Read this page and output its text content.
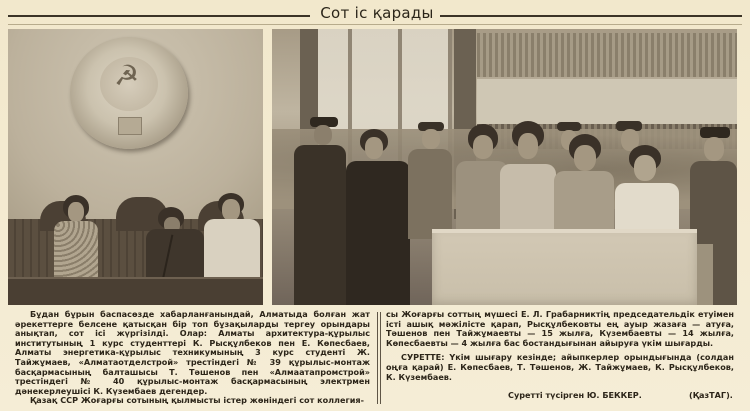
Сот іс қарады
☭

Бұдан бұрын баспасөзде хабарланғанындай, Алматыда болған жат әрекеттерге белсене қатысқан бір топ бұзақыларды тергеу орындары анықтап, сот ісі жүргізілді. Олар: Алматы архитектура-құрылыс институтының 1 курс студенттері К. Рысқұлбеков пен Е. Көпесбаев, Алматы энергетика-құрылыс техникумының 3 курс студенті Ж. Тайжұмаев, «Алматаотделстрой» трестіндегі № 39 құрылыс-монтаж басқармасының балташысы Т. Тәшенов пен «Алмаатапромстрой» трестіндегі № 40 құрылыс-монтаж басқармасының электрмен дәнекерлеушісі К. Күзембаев дегендер.

Қазақ ССР Жоғарғы сотының қылмысты істер жөніндегі сот коллегия-

сы Жоғарғы соттың мүшесі Е. Л. Грабарниктің председательдік етуімен істі ашық мәжілісте қарап, Рысқұлбековты ең ауыр жазаға — атуға, Тәшенов пен Тайжұмаевты — 15 жылға, Күзембаевты — 14 жылға, Көпесбаевты — 4 жылға бас бостандығынан айыруға үкім шығарды.

СУРЕТТЕ: Үкім шығару кезінде; айыпкерлер орындығында (солдан оңға қарай) Е. Көпесбаев, Т. Тәшенов, Ж. Тайжұмаев, К. Рысқұлбеков, К. Күзембаев.

Суретті түсірген Ю. БЕККЕР.	(ҚазТАГ).
